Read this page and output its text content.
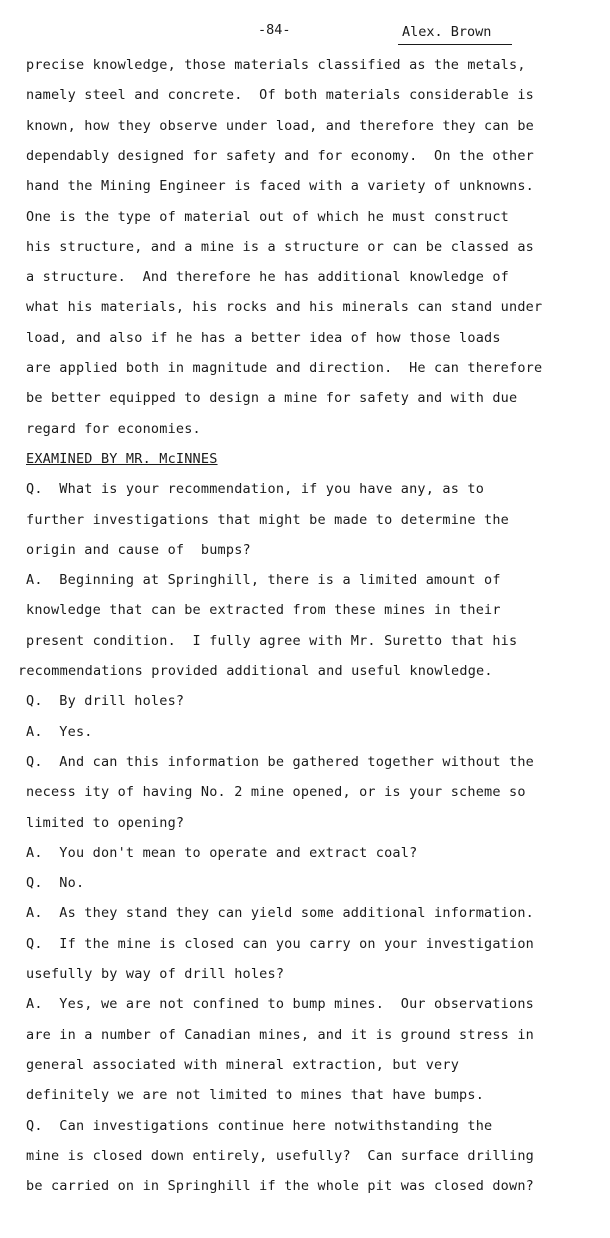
-84-	Alex. Brown
precise knowledge, those materials classified as the metals,
namely steel and concrete.  Of both materials considerable is
known, how they observe under load, and therefore they can be
dependably designed for safety and for economy.  On the other
hand the Mining Engineer is faced with a variety of unknowns.
One is the type of material out of which he must construct
his structure, and a mine is a structure or can be classed as
a structure.  And therefore he has additional knowledge of
what his materials, his rocks and his minerals can stand under
load, and also if he has a better idea of how those loads
are applied both in magnitude and direction.  He can therefore
be better equipped to design a mine for safety and with due
regard for economies.
EXAMINED BY MR. McINNES
Q.  What is your recommendation, if you have any, as to
further investigations that might be made to determine the
origin and cause of  bumps?
A.  Beginning at Springhill, there is a limited amount of
knowledge that can be extracted from these mines in their
present condition.  I fully agree with Mr. Suretto that his
recommendations provided additional and useful knowledge.
Q.  By drill holes?
A.  Yes.
Q.  And can this information be gathered together without the
necess ity of having No. 2 mine opened, or is your scheme so
limited to opening?
A.  You don't mean to operate and extract coal?
Q.  No.
A.  As they stand they can yield some additional information.
Q.  If the mine is closed can you carry on your investigation
usefully by way of drill holes?
A.  Yes, we are not confined to bump mines.  Our observations
are in a number of Canadian mines, and it is ground stress in
general associated with mineral extraction, but very
definitely we are not limited to mines that have bumps.
Q.  Can investigations continue here notwithstanding the
mine is closed down entirely, usefully?  Can surface drilling
be carried on in Springhill if the whole pit was closed down?
